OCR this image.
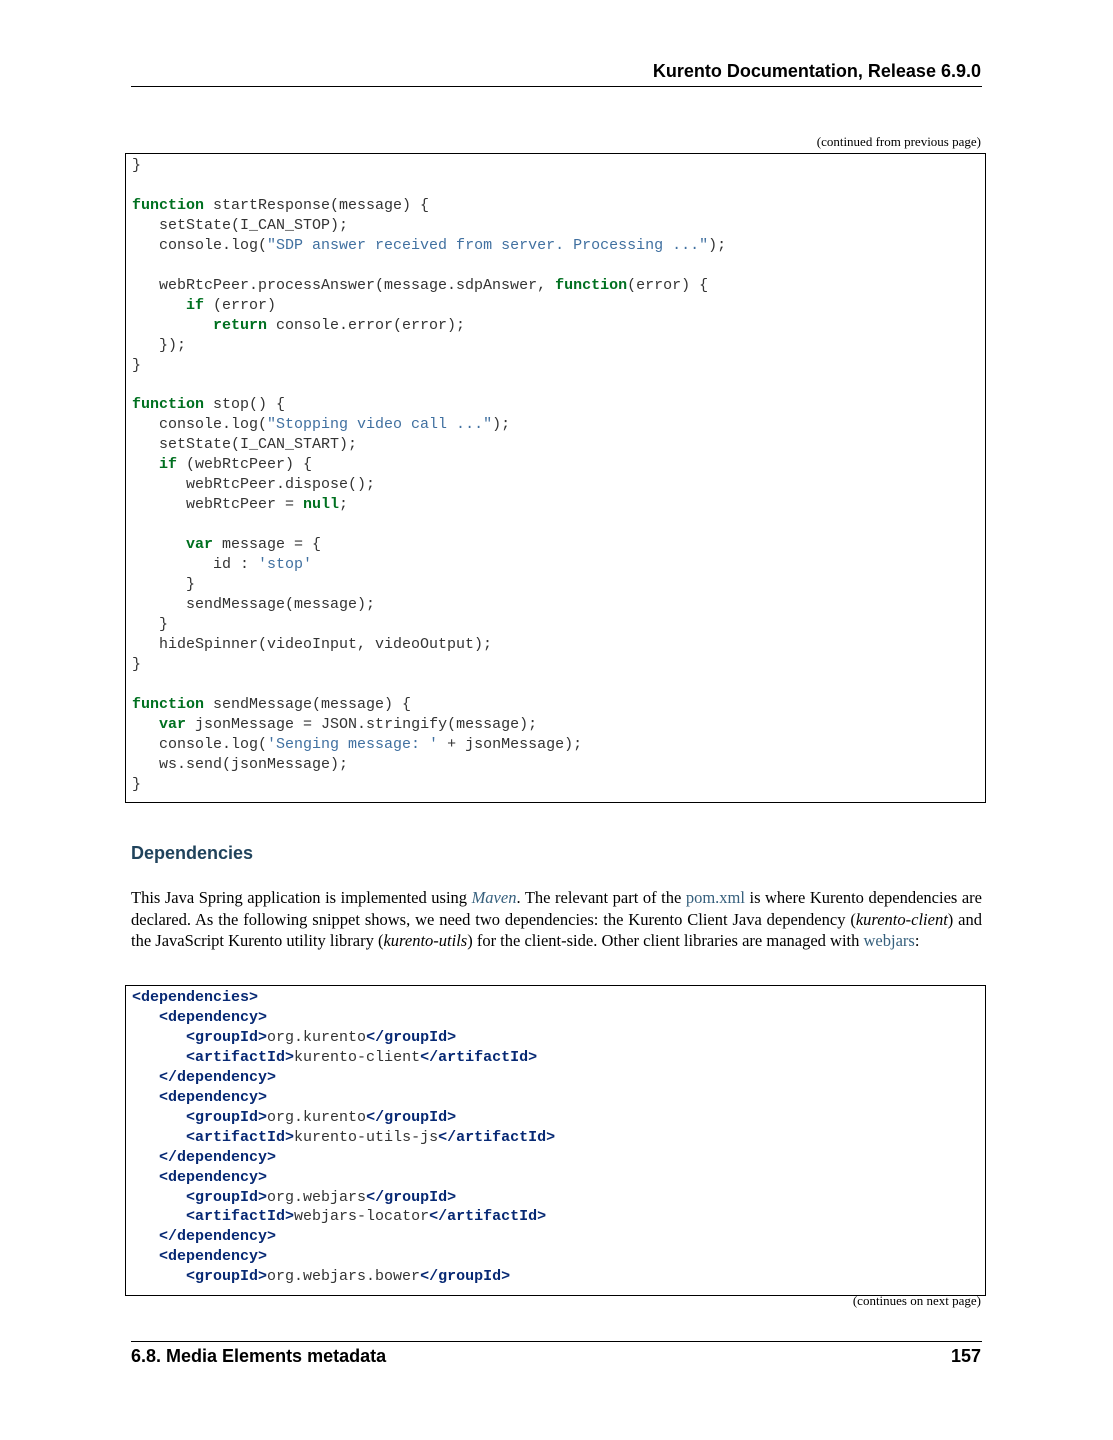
Kurento Documentation, Release 6.9.0
(continued from previous page)
}

function startResponse(message) {
setState(I_CAN_STOP);
console.log("SDP answer received from server. Processing ...");

webRtcPeer.processAnswer(message.sdpAnswer, function(error) {
if (error)
return console.error(error);
});
}

function stop() {
console.log("Stopping video call ...");
setState(I_CAN_START);
if (webRtcPeer) {
webRtcPeer.dispose();
webRtcPeer = null;

var message = {
id : 'stop'
}
sendMessage(message);
}
hideSpinner(videoInput, videoOutput);
}

function sendMessage(message) {
var jsonMessage = JSON.stringify(message);
console.log('Senging message: ' + jsonMessage);
ws.send(jsonMessage);
}

Dependencies
This Java Spring application is implemented using Maven. The relevant part of the pom.xml is where Kurento dependencies are declared. As the following snippet shows, we need two dependencies: the Kurento Client Java dependency (kurento-client) and the JavaScript Kurento utility library (kurento-utils) for the client-side. Other client libraries are managed with webjars:
<dependencies>
<dependency>
<groupId>org.kurento</groupId>
<artifactId>kurento-client</artifactId>
</dependency>
<dependency>
<groupId>org.kurento</groupId>
<artifactId>kurento-utils-js</artifactId>
</dependency>
<dependency>
<groupId>org.webjars</groupId>
<artifactId>webjars-locator</artifactId>
</dependency>
<dependency>
<groupId>org.webjars.bower</groupId>

(continues on next page)
6.8. Media Elements metadata	157
